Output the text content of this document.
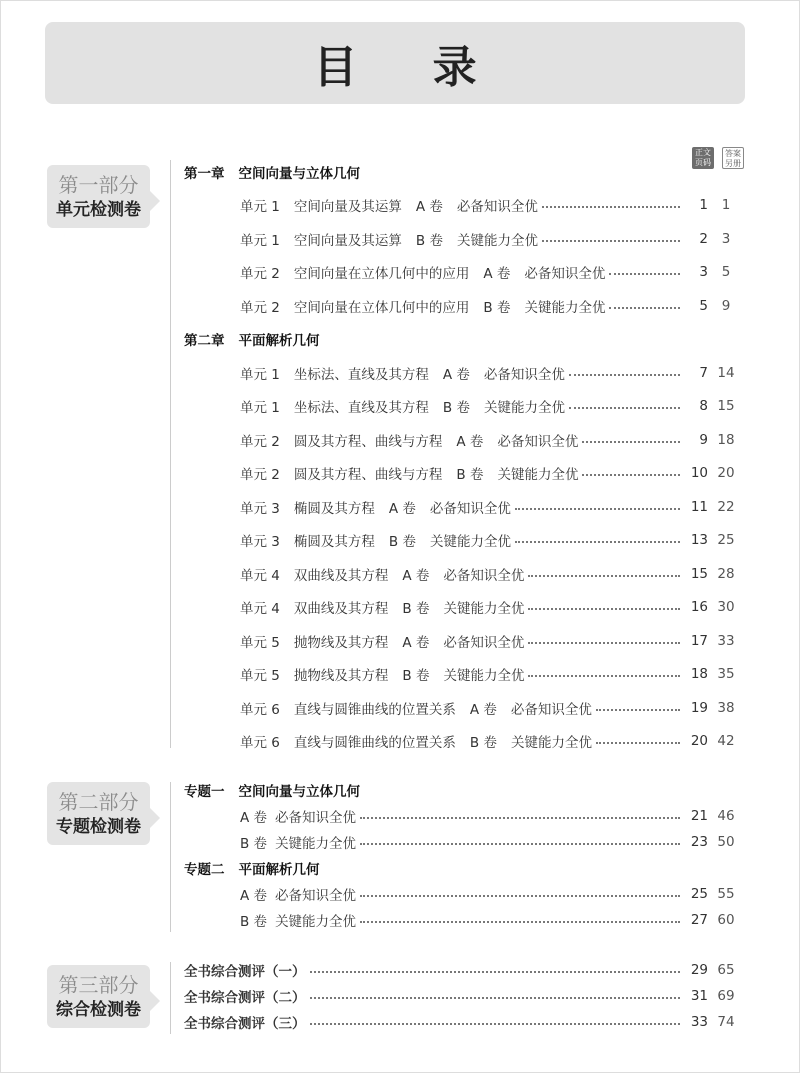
目 录
第一部分
单元检测卷
第二部分
专题检测卷
第三部分
综合检测卷
正文页码
答案另册
第一章 空间向量与立体几何
单元 1 空间向量及其运算 A 卷 必备知识全优	1	1
单元 1 空间向量及其运算 B 卷 关键能力全优	2	3
单元 2 空间向量在立体几何中的应用 A 卷 必备知识全优	3	5
单元 2 空间向量在立体几何中的应用 B 卷 关键能力全优	5	9
第二章 平面解析几何
单元 1 坐标法、直线及其方程 A 卷 必备知识全优	7 14
单元 1 坐标法、直线及其方程 B 卷 关键能力全优	8 15
单元 2 圆及其方程、曲线与方程 A 卷 必备知识全优	9 18
单元 2 圆及其方程、曲线与方程 B 卷 关键能力全优	10 20
单元 3 椭圆及其方程 A 卷 必备知识全优	11 22
单元 3 椭圆及其方程 B 卷 关键能力全优	13 25
单元 4 双曲线及其方程 A 卷 必备知识全优	15 28
单元 4 双曲线及其方程 B 卷 关键能力全优	16 30
单元 5 抛物线及其方程 A 卷 必备知识全优	17 33
单元 5 抛物线及其方程 B 卷 关键能力全优	18 35
单元 6 直线与圆锥曲线的位置关系 A 卷 必备知识全优	19 38
单元 6 直线与圆锥曲线的位置关系 B 卷 关键能力全优	20 42
专题一 空间向量与立体几何
A 卷 必备知识全优	21 46
B 卷 关键能力全优	23 50
专题二 平面解析几何
A 卷 必备知识全优	25 55
B 卷 关键能力全优	27 60
全书综合测评（一）	29 65
全书综合测评（二）	31 69
全书综合测评（三）	33 74
